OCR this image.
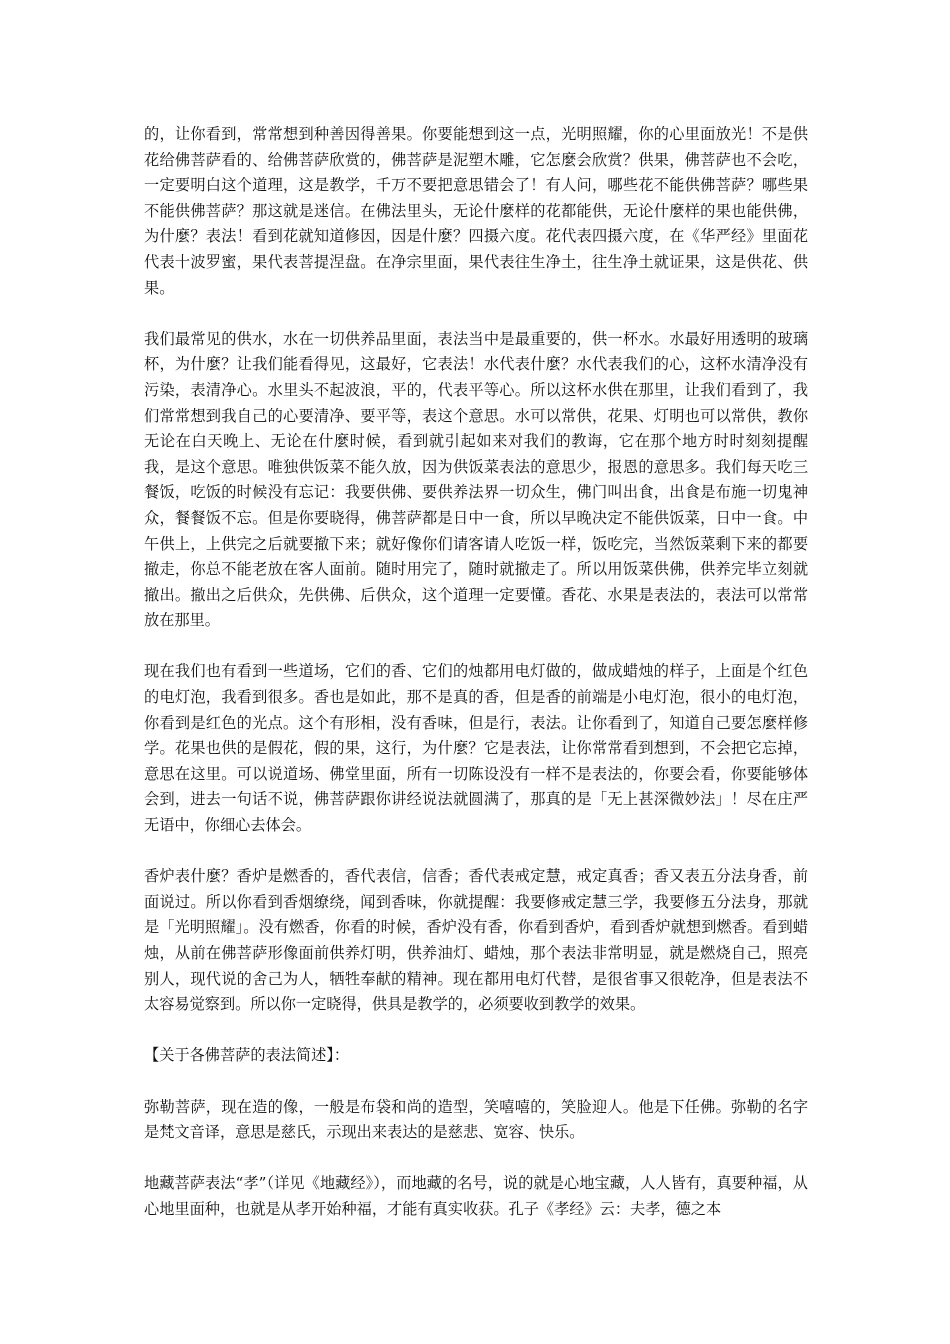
的，让你看到，常常想到种善因得善果。你要能想到这一点，光明照耀，你的心里面放光！不是供花给佛菩萨看的、给佛菩萨欣赏的，佛菩萨是泥塑木雕，它怎麼会欣赏？供果，佛菩萨也不会吃，一定要明白这个道理，这是教学，千万不要把意思错会了！有人问，哪些花不能供佛菩萨？哪些果不能供佛菩萨？那这就是迷信。在佛法里头，无论什麼样的花都能供，无论什麼样的果也能供佛，为什麼？表法！看到花就知道修因，因是什麼？四摄六度。花代表四摄六度，在《华严经》里面花代表十波罗蜜，果代表菩提涅盘。在净宗里面，果代表往生净土，往生净土就证果，这是供花、供果。

我们最常见的供水，水在一切供养品里面，表法当中是最重要的，供一杯水。水最好用透明的玻璃杯，为什麼？让我们能看得见，这最好，它表法！水代表什麼？水代表我们的心，这杯水清净没有污染，表清净心。水里头不起波浪，平的，代表平等心。所以这杯水供在那里，让我们看到了，我们常常想到我自己的心要清净、要平等，表这个意思。水可以常供，花果、灯明也可以常供，教你无论在白天晚上、无论在什麼时候，看到就引起如来对我们的教诲，它在那个地方时时刻刻提醒我，是这个意思。唯独供饭菜不能久放，因为供饭菜表法的意思少，报恩的意思多。我们每天吃三餐饭，吃饭的时候没有忘记：我要供佛、要供养法界一切众生，佛门叫出食，出食是布施一切鬼神众，餐餐饭不忘。但是你要晓得，佛菩萨都是日中一食，所以早晚决定不能供饭菜，日中一食。中午供上，上供完之后就要撤下来；就好像你们请客请人吃饭一样，饭吃完，当然饭菜剩下来的都要撤走，你总不能老放在客人面前。随时用完了，随时就撤走了。所以用饭菜供佛，供养完毕立刻就撤出。撤出之后供众，先供佛、后供众，这个道理一定要懂。香花、水果是表法的，表法可以常常放在那里。

现在我们也有看到一些道场，它们的香、它们的烛都用电灯做的，做成蜡烛的样子，上面是个红色的电灯泡，我看到很多。香也是如此，那不是真的香，但是香的前端是小电灯泡，很小的电灯泡，你看到是红色的光点。这个有形相，没有香味，但是行，表法。让你看到了，知道自己要怎麼样修学。花果也供的是假花，假的果，这行，为什麼？它是表法，让你常常看到想到，不会把它忘掉，意思在这里。可以说道场、佛堂里面，所有一切陈设没有一样不是表法的，你要会看，你要能够体会到，进去一句话不说，佛菩萨跟你讲经说法就圆满了，那真的是「无上甚深微妙法」！尽在庄严无语中，你细心去体会。

香炉表什麼？香炉是燃香的，香代表信，信香；香代表戒定慧，戒定真香；香又表五分法身香，前面说过。所以你看到香烟缭绕，闻到香味，你就提醒：我要修戒定慧三学，我要修五分法身，那就是「光明照耀」。没有燃香，你看的时候，香炉没有香，你看到香炉，看到香炉就想到燃香。看到蜡烛，从前在佛菩萨形像面前供养灯明，供养油灯、蜡烛，那个表法非常明显，就是燃烧自己，照亮别人，现代说的舍己为人，牺牲奉献的精神。现在都用电灯代替，是很省事又很乾净，但是表法不太容易觉察到。所以你一定晓得，供具是教学的，必须要收到教学的效果。

【关于各佛菩萨的表法简述】：

弥勒菩萨，现在造的像，一般是布袋和尚的造型，笑嘻嘻的，笑脸迎人。他是下任佛。弥勒的名字是梵文音译，意思是慈氏，示现出来表达的是慈悲、宽容、快乐。

地藏菩萨表法“孝”（详见《地藏经》），而地藏的名号，说的就是心地宝藏，人人皆有，真要种福，从心地里面种，也就是从孝开始种福，才能有真实收获。孔子《孝经》云：夫孝，德之本
